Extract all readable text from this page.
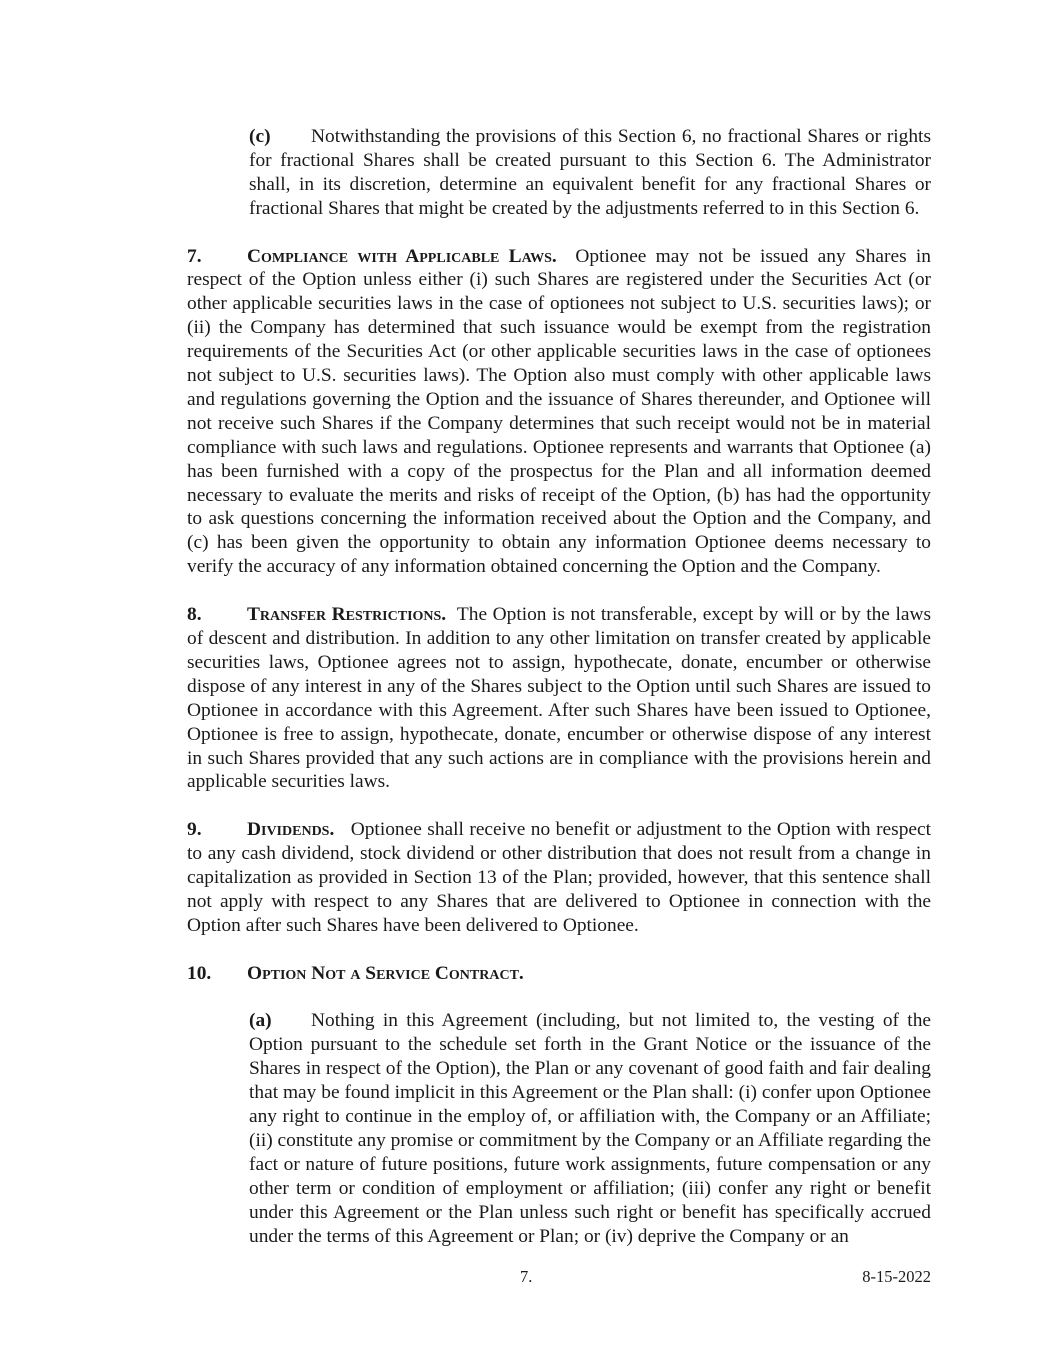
(c) Notwithstanding the provisions of this Section 6, no fractional Shares or rights for fractional Shares shall be created pursuant to this Section 6. The Administrator shall, in its discretion, determine an equivalent benefit for any fractional Shares or fractional Shares that might be created by the adjustments referred to in this Section 6.

7. Compliance with Applicable Laws. Optionee may not be issued any Shares in respect of the Option unless either (i) such Shares are registered under the Securities Act (or other applicable securities laws in the case of optionees not subject to U.S. securities laws); or (ii) the Company has determined that such issuance would be exempt from the registration requirements of the Securities Act (or other applicable securities laws in the case of optionees not subject to U.S. securities laws). The Option also must comply with other applicable laws and regulations governing the Option and the issuance of Shares thereunder, and Optionee will not receive such Shares if the Company determines that such receipt would not be in material compliance with such laws and regulations. Optionee represents and warrants that Optionee (a) has been furnished with a copy of the prospectus for the Plan and all information deemed necessary to evaluate the merits and risks of receipt of the Option, (b) has had the opportunity to ask questions concerning the information received about the Option and the Company, and (c) has been given the opportunity to obtain any information Optionee deems necessary to verify the accuracy of any information obtained concerning the Option and the Company.

8. Transfer Restrictions. The Option is not transferable, except by will or by the laws of descent and distribution. In addition to any other limitation on transfer created by applicable securities laws, Optionee agrees not to assign, hypothecate, donate, encumber or otherwise dispose of any interest in any of the Shares subject to the Option until such Shares are issued to Optionee in accordance with this Agreement. After such Shares have been issued to Optionee, Optionee is free to assign, hypothecate, donate, encumber or otherwise dispose of any interest in such Shares provided that any such actions are in compliance with the provisions herein and applicable securities laws.

9. Dividends. Optionee shall receive no benefit or adjustment to the Option with respect to any cash dividend, stock dividend or other distribution that does not result from a change in capitalization as provided in Section 13 of the Plan; provided, however, that this sentence shall not apply with respect to any Shares that are delivered to Optionee in connection with the Option after such Shares have been delivered to Optionee.

10. Option Not a Service Contract.

(a) Nothing in this Agreement (including, but not limited to, the vesting of the Option pursuant to the schedule set forth in the Grant Notice or the issuance of the Shares in respect of the Option), the Plan or any covenant of good faith and fair dealing that may be found implicit in this Agreement or the Plan shall: (i) confer upon Optionee any right to continue in the employ of, or affiliation with, the Company or an Affiliate; (ii) constitute any promise or commitment by the Company or an Affiliate regarding the fact or nature of future positions, future work assignments, future compensation or any other term or condition of employment or affiliation; (iii) confer any right or benefit under this Agreement or the Plan unless such right or benefit has specifically accrued under the terms of this Agreement or Plan; or (iv) deprive the Company or an

7.	8-15-2022
